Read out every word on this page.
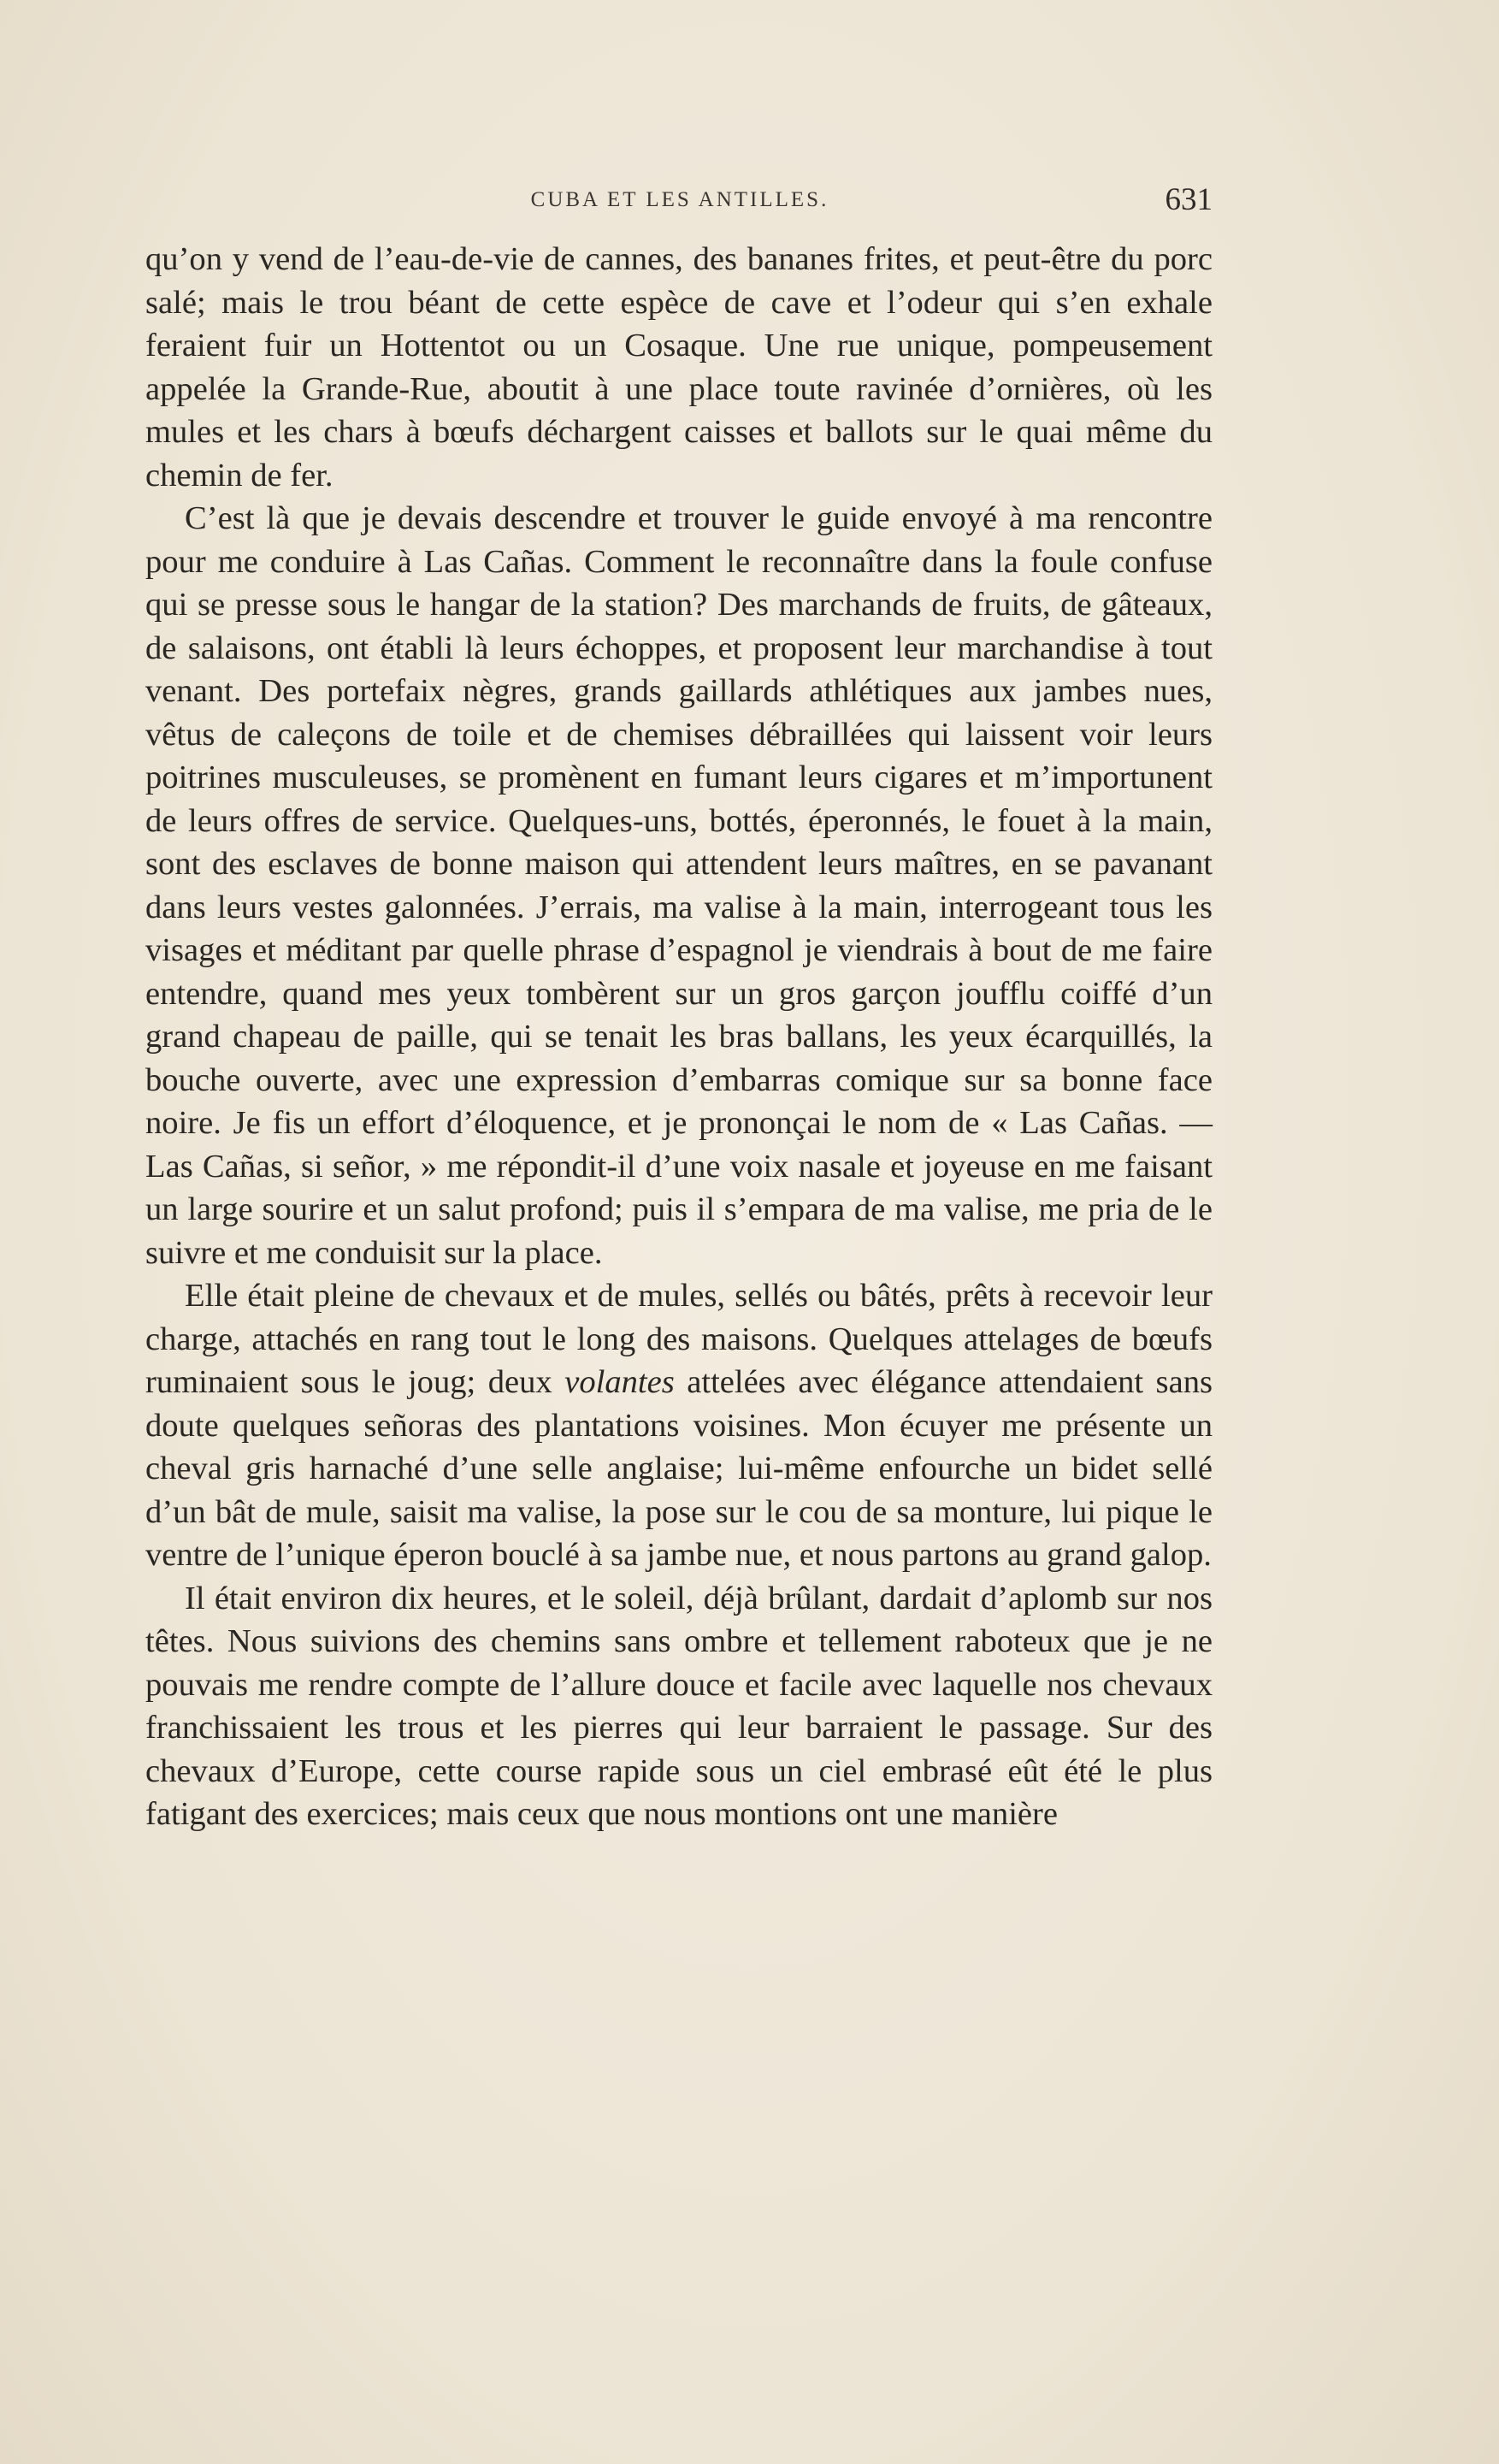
CUBA ET LES ANTILLES.	631

qu’on y vend de l’eau-de-vie de cannes, des bananes frites, et peut-être du porc salé; mais le trou béant de cette espèce de cave et l’odeur qui s’en exhale feraient fuir un Hottentot ou un Cosaque. Une rue unique, pompeusement appelée la Grande-Rue, aboutit à une place toute ravinée d’ornières, où les mules et les chars à bœufs déchargent caisses et ballots sur le quai même du chemin de fer.

C’est là que je devais descendre et trouver le guide envoyé à ma rencontre pour me conduire à Las Cañas. Comment le reconnaître dans la foule confuse qui se presse sous le hangar de la station? Des marchands de fruits, de gâteaux, de salaisons, ont établi là leurs échoppes, et proposent leur marchandise à tout venant. Des portefaix nègres, grands gaillards athlétiques aux jambes nues, vêtus de caleçons de toile et de chemises débraillées qui laissent voir leurs poitrines musculeuses, se promènent en fumant leurs cigares et m’importunent de leurs offres de service. Quelques-uns, bottés, éperonnés, le fouet à la main, sont des esclaves de bonne maison qui attendent leurs maîtres, en se pavanant dans leurs vestes galonnées. J’errais, ma valise à la main, interrogeant tous les visages et méditant par quelle phrase d’espagnol je viendrais à bout de me faire entendre, quand mes yeux tombèrent sur un gros garçon joufflu coiffé d’un grand chapeau de paille, qui se tenait les bras ballans, les yeux écarquillés, la bouche ouverte, avec une expression d’embarras comique sur sa bonne face noire. Je fis un effort d’éloquence, et je prononçai le nom de « Las Cañas. — Las Cañas, si señor, » me répondit-il d’une voix nasale et joyeuse en me faisant un large sourire et un salut profond; puis il s’empara de ma valise, me pria de le suivre et me conduisit sur la place.

Elle était pleine de chevaux et de mules, sellés ou bâtés, prêts à recevoir leur charge, attachés en rang tout le long des maisons. Quelques attelages de bœufs ruminaient sous le joug; deux volantes attelées avec élégance attendaient sans doute quelques señoras des plantations voisines. Mon écuyer me présente un cheval gris harnaché d’une selle anglaise; lui-même enfourche un bidet sellé d’un bât de mule, saisit ma valise, la pose sur le cou de sa monture, lui pique le ventre de l’unique éperon bouclé à sa jambe nue, et nous partons au grand galop.

Il était environ dix heures, et le soleil, déjà brûlant, dardait d’aplomb sur nos têtes. Nous suivions des chemins sans ombre et tellement raboteux que je ne pouvais me rendre compte de l’allure douce et facile avec laquelle nos chevaux franchissaient les trous et les pierres qui leur barraient le passage. Sur des chevaux d’Europe, cette course rapide sous un ciel embrasé eût été le plus fatigant des exercices; mais ceux que nous montions ont une manière
